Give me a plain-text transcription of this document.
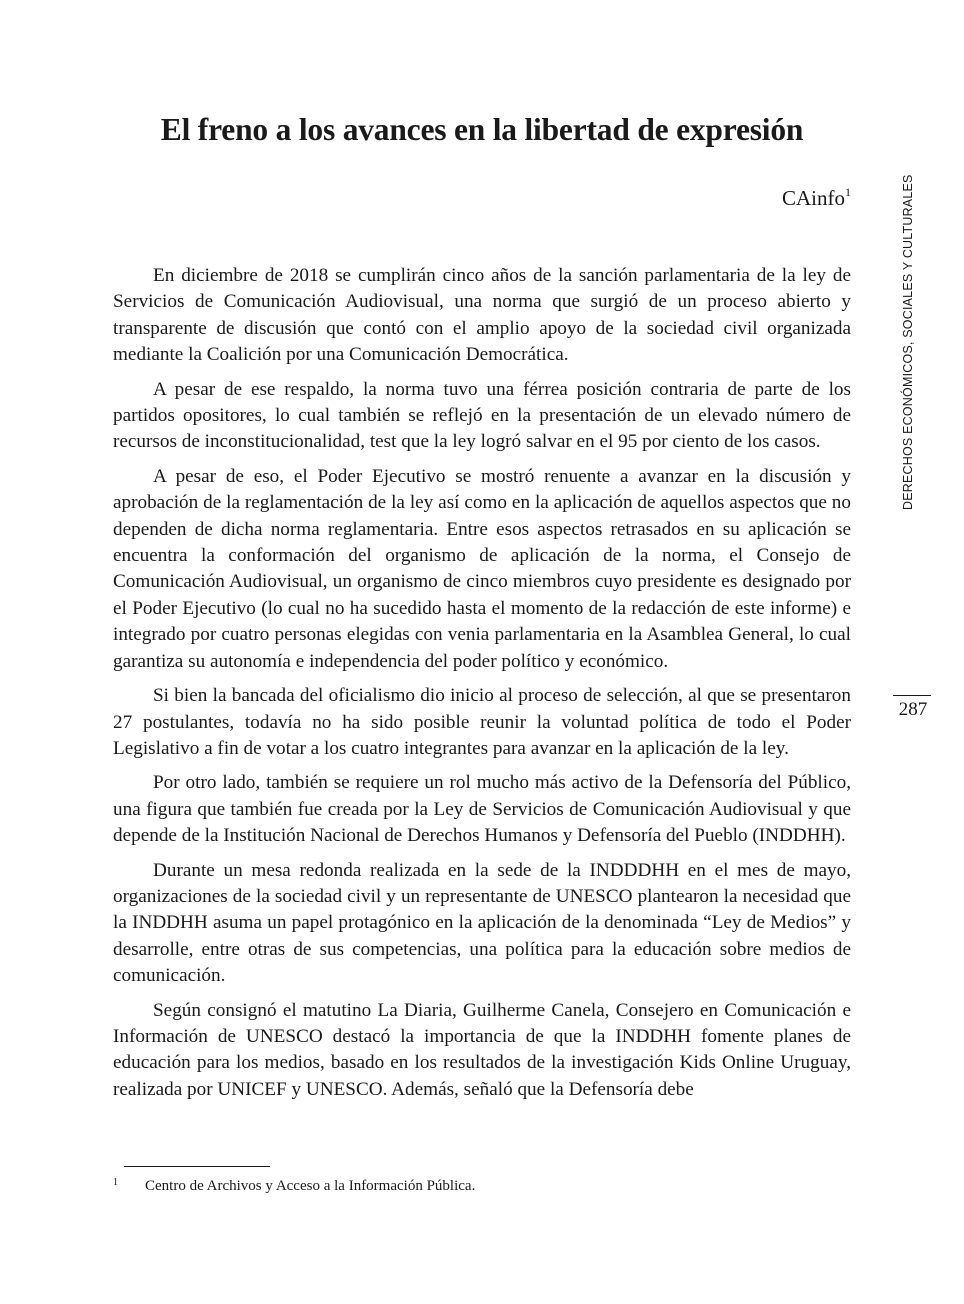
El freno a los avances en la libertad de expresión
CAinfo$^1$

En diciembre de 2018 se cumplirán cinco años de la sanción parlamentaria de la ley de Servicios de Comunicación Audiovisual, una norma que surgió de un proceso abierto y transparente de discusión que contó con el amplio apoyo de la sociedad civil organizada mediante la Coalición por una Comunicación Democrática.

A pesar de ese respaldo, la norma tuvo una férrea posición contraria de parte de los partidos opositores, lo cual también se reflejó en la presentación de un elevado número de recursos de inconstitucionalidad, test que la ley logró salvar en el 95 por ciento de los casos.

A pesar de eso, el Poder Ejecutivo se mostró renuente a avanzar en la discusión y aprobación de la reglamentación de la ley así como en la aplicación de aquellos aspectos que no dependen de dicha norma reglamentaria. Entre esos aspectos retrasados en su aplicación se encuentra la conformación del organismo de aplicación de la norma, el Consejo de Comunicación Audiovisual, un organismo de cinco miembros cuyo presidente es designado por el Poder Ejecutivo (lo cual no ha sucedido hasta el momento de la redacción de este informe) e integrado por cuatro personas elegidas con venia parlamentaria en la Asamblea General, lo cual garantiza su autonomía e independencia del poder político y económico.

Si bien la bancada del oficialismo dio inicio al proceso de selección, al que se presentaron 27 postulantes, todavía no ha sido posible reunir la voluntad política de todo el Poder Legislativo a fin de votar a los cuatro integrantes para avanzar en la aplicación de la ley.

Por otro lado, también se requiere un rol mucho más activo de la Defensoría del Público, una figura que también fue creada por la Ley de Servicios de Comunicación Audiovisual y que depende de la Institución Nacional de Derechos Humanos y Defensoría del Pueblo (INDDHH).

Durante un mesa redonda realizada en la sede de la INDDDHH en el mes de mayo, organizaciones de la sociedad civil y un representante de UNESCO plantearon la necesidad que la INDDHH asuma un papel protagónico en la aplicación de la denominada “Ley de Medios” y desarrolle, entre otras de sus competencias, una política para la educación sobre medios de comunicación.

Según consignó el matutino La Diaria, Guilherme Canela, Consejero en Comunicación e Información de UNESCO destacó la importancia de que la INDDHH fomente planes de educación para los medios, basado en los resultados de la investigación Kids Online Uruguay, realizada por UNICEF y UNESCO. Además, señaló que la Defensoría debe

DERECHOS ECONÓMICOS, SOCIALES Y CULTURALES
287
1 Centro de Archivos y Acceso a la Información Pública.
